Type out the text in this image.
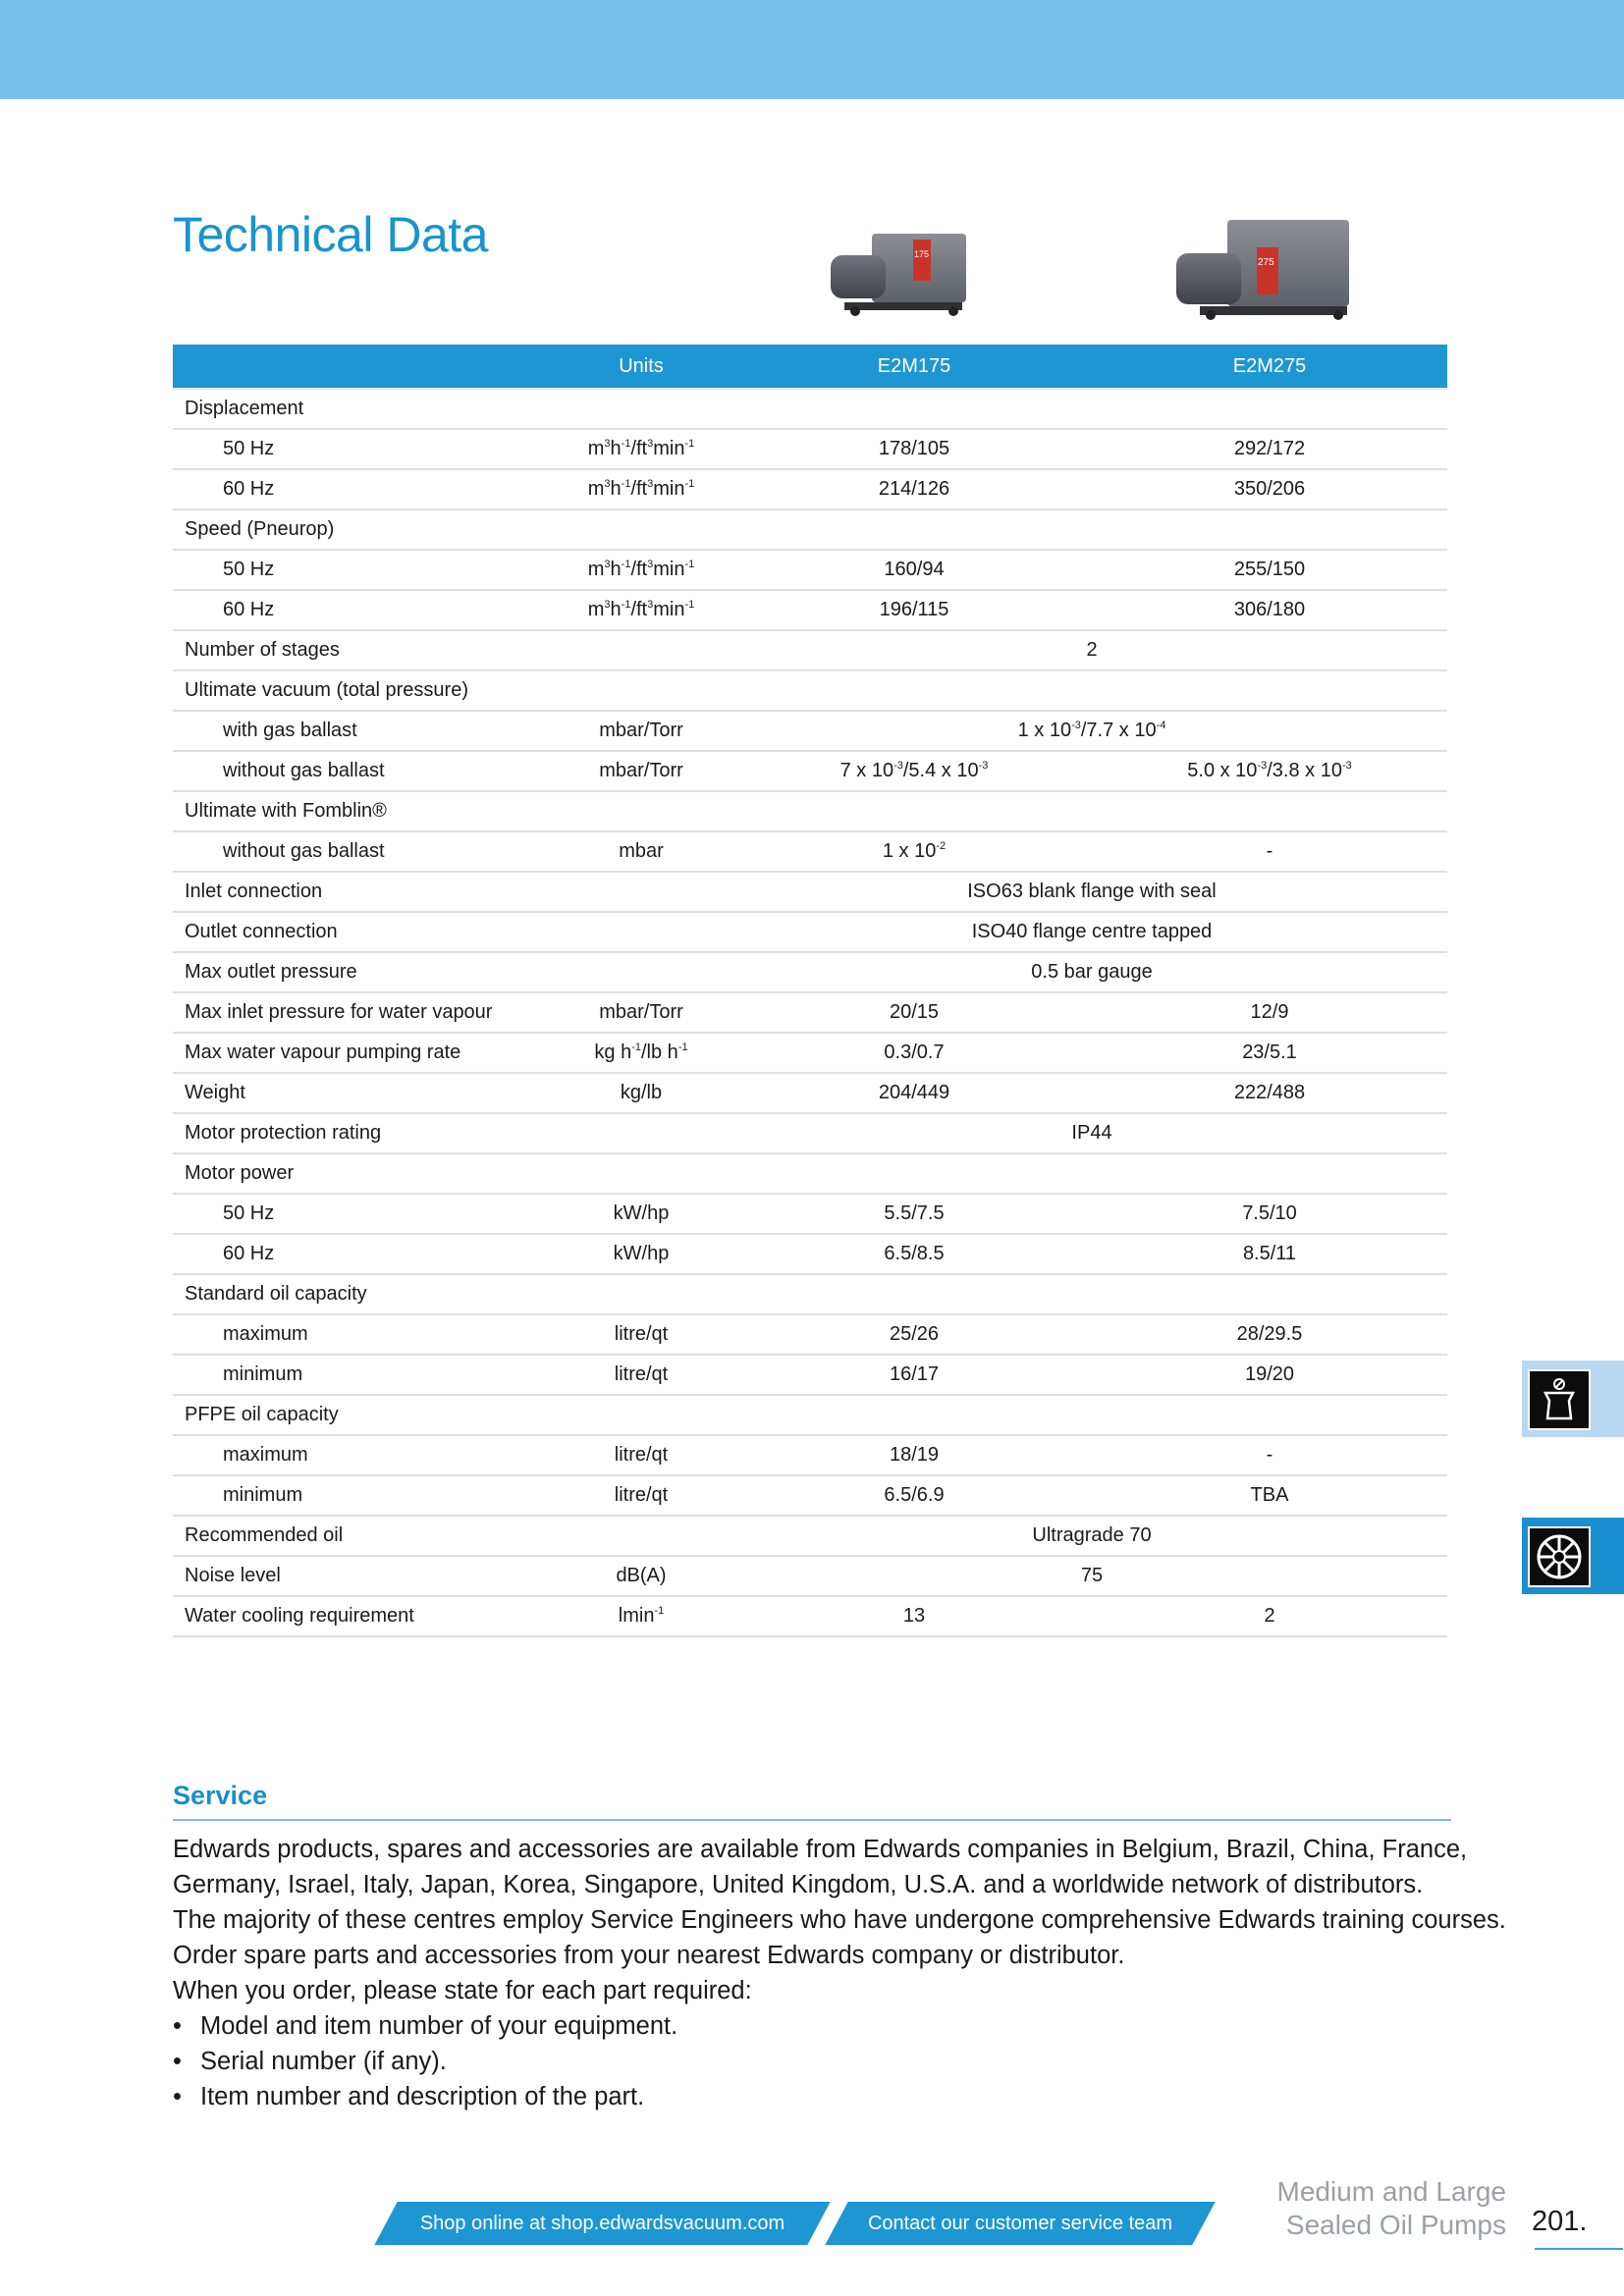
Technical Data	175
275
	Units	E2M175	E2M275
Displacement			
50 Hz	$m^3h^{-1}/ft^3\min^{-1}$	178/105	292/172
60 Hz	$m^3h^{-1}/ft^3\min^{-1}$	214/126	350/206
Speed (Pneurop)			
50 Hz	$m^3h^{-1}/ft^3\min^{-1}$	160/94	255/150
60 Hz	$m^3h^{-1}/ft^3\min^{-1}$	196/115	306/180
Number of stages		2	
Ultimate vacuum (total pressure)			
with gas ballast	mbar/Torr	1 x $10^{-3}/7.7$ x $10^{-4}$
without gas ballast	mbar/Torr	7 x $10^{-3}/5.4$ x $10^{-3}$	5.0 x $10^{-3}/3.8$ x $10^{-3}$
Ultimate with Fomblin®			
without gas ballast	mbar	1 x $10^{-2}$	-
Inlet connection		ISO63 blank flange with seal	
Outlet connection		ISO40 flange centre tapped	
Max outlet pressure		0.5 bar gauge	
Max inlet pressure for water vapour	mbar/Torr	20/15	12/9
Max water vapour pumping rate	kg $h^{-1}/lb$ $h^{-1}$	0.3/0.7	23/5.1
Weight	kg/lb	204/449	222/488
Motor protection rating		IP44	
Motor power			
50 Hz	kW/hp	5.5/7.5	7.5/10
60 Hz	kW/hp	6.5/8.5	8.5/11
Standard oil capacity			
maximum	litre/qt	25/26	28/29.5
minimum	litre/qt	16/17	19/20
PFPE oil capacity			
maximum	litre/qt	18/19	-
minimum	litre/qt	6.5/6.9	TBA
Recommended oil		Ultragrade 70	
Noise level	dB(A)	75	
Water cooling requirement	lmin$^{-1}$	13	2
Service

Edwards products, spares and accessories are available from Edwards companies in Belgium, Brazil, China, France,

Germany, Israel, Italy, Japan, Korea, Singapore, United Kingdom, U.S.A. and a worldwide network of distributors.

The majority of these centres employ Service Engineers who have undergone comprehensive Edwards training courses.

Order spare parts and accessories from your nearest Edwards company or distributor.

When you order, please state for each part required:

• Model and item number of your equipment.
• Serial number (if any).
• Item number and description of the part.
Shop online at shop.edwardsvacuum.com	Contact our customer service team
Medium and Large
Sealed Oil Pumps 201.
